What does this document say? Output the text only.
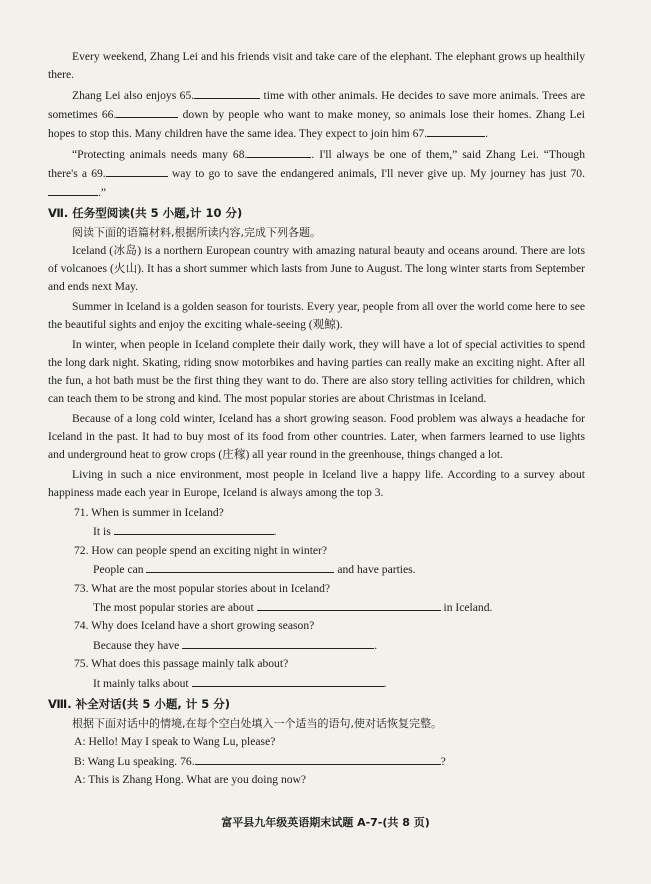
Every weekend, Zhang Lei and his friends visit and take care of the elephant. The elephant grows up healthily there.

Zhang Lei also enjoys 65.	time with other animals. He decides to save more animals. Trees are sometimes 66.	down by people who want to make money, so animals lose their homes. Zhang Lei hopes to stop this. Many children have the same idea. They expect to join him 67.	.

“Protecting animals needs many 68.	. I'll always be one of them,” said Zhang Lei. “Though there's a 69.	way to go to save the endangered animals, I'll never give up. My journey has just 70..”

Ⅶ. 任务型阅读(共 5 小题,计 10 分)

阅读下面的语篇材料,根据所读内容,完成下列各题。

Iceland (冰岛) is a northern European country with amazing natural beauty and oceans around. There are lots of volcanoes (火山). It has a short summer which lasts from June to August. The long winter starts from September and ends next May.

Summer in Iceland is a golden season for tourists. Every year, people from all over the world come here to see the beautiful sights and enjoy the exciting whale-seeing (观鲸).

In winter, when people in Iceland complete their daily work, they will have a lot of special activities to spend the long dark night. Skating, riding snow motorbikes and having parties can really make an exciting night. After all the fun, a hot bath must be the first thing they want to do. There are also story telling activities for children, which can teach them to be strong and kind. The most popular stories are about Christmas in Iceland.

Because of a long cold winter, Iceland has a short growing season. Food problem was always a headache for Iceland in the past. It had to buy most of its food from other countries. Later, when farmers learned to use lights and underground heat to grow crops (庄稼) all year round in the greenhouse, things changed a lot.

Living in such a nice environment, most people in Iceland live a happy life. According to a survey about happiness made each year in Europe, Iceland is always among the top 3.

71. When is summer in Iceland?

It is	.

72. How can people spend an exciting night in winter?

People can	and have parties.

73. What are the most popular stories about in Iceland?

The most popular stories are about	in Iceland.

74. Why does Iceland have a short growing season?

Because they have	.

75. What does this passage mainly talk about?

It mainly talks about	.

Ⅷ. 补全对话(共 5 小题, 计 5 分)

根据下面对话中的情境,在每个空白处填入一个适当的语句,使对话恢复完整。

A: Hello! May I speak to Wang Lu, please?

B: Wang Lu speaking. 76.	?

A: This is Zhang Hong. What are you doing now?

富平县九年级英语期末试题 A-7-(共 8 页)
